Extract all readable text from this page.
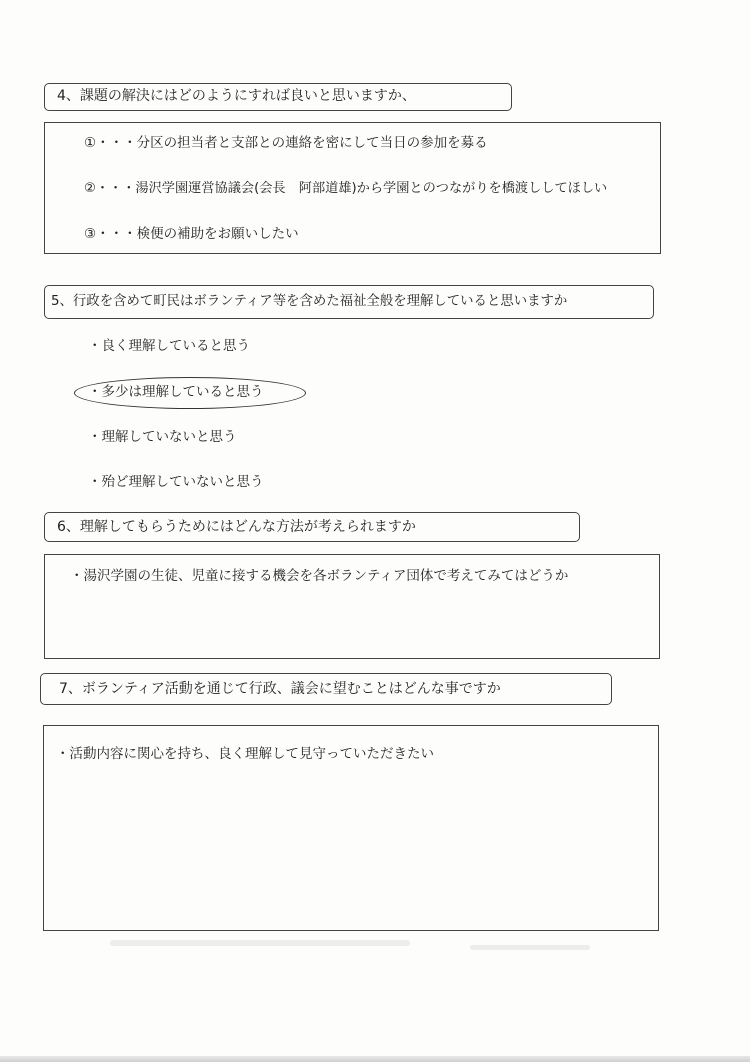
4、課題の解決にはどのようにすれば良いと思いますか、
①・・・分区の担当者と支部との連絡を密にして当日の参加を募る
②・・・湯沢学園運営協議会(会長　阿部道雄)から学園とのつながりを橋渡ししてほしい
③・・・検便の補助をお願いしたい
5、行政を含めて町民はボランティア等を含めた福祉全般を理解していると思いますか
・良く理解していると思う
・多少は理解していると思う
・理解していないと思う
・殆ど理解していないと思う
6、理解してもらうためにはどんな方法が考えられますか
・湯沢学園の生徒、児童に接する機会を各ボランティア団体で考えてみてはどうか
7、ボランティア活動を通じて行政、議会に望むことはどんな事ですか
・活動内容に関心を持ち、良く理解して見守っていただきたい
